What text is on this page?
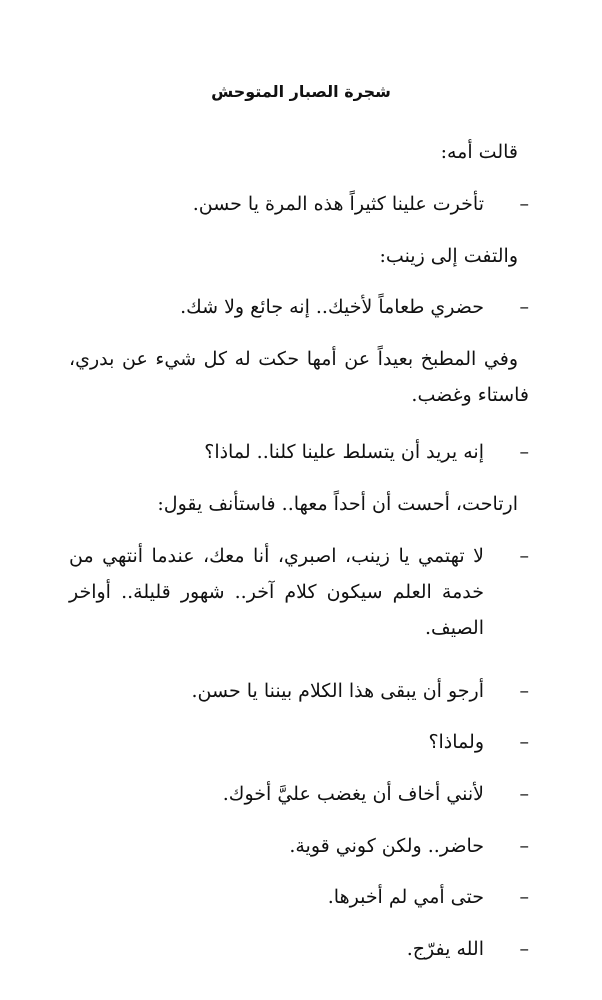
شجرة الصبار المتوحش
قالت أمه:
–
تأخرت علينا كثيراً هذه المرة يا حسن.
والتفت إلى زينب:
–
حضري طعاماً لأخيك.. إنه جائع ولا شك.
وفي المطبخ بعيداً عن أمها حكت له كل شيء عن بدري، فاستاء وغضب.
–
إنه يريد أن يتسلط علينا كلنا.. لماذا؟
ارتاحت، أحست أن أحداً معها.. فاستأنف يقول:
–
لا تهتمي يا زينب، اصبري، أنا معك، عندما أنتهي من خدمة العلم سيكون كلام آخر.. شهور قليلة.. أواخر الصيف.
–
أرجو أن يبقى هذا الكلام بيننا يا حسن.
–
ولماذا؟
–
لأنني أخاف أن يغضب عليَّ أخوك.
–
حاضر.. ولكن كوني قوية.
–
حتى أمي لم أخبرها.
–
الله يفرّج.
